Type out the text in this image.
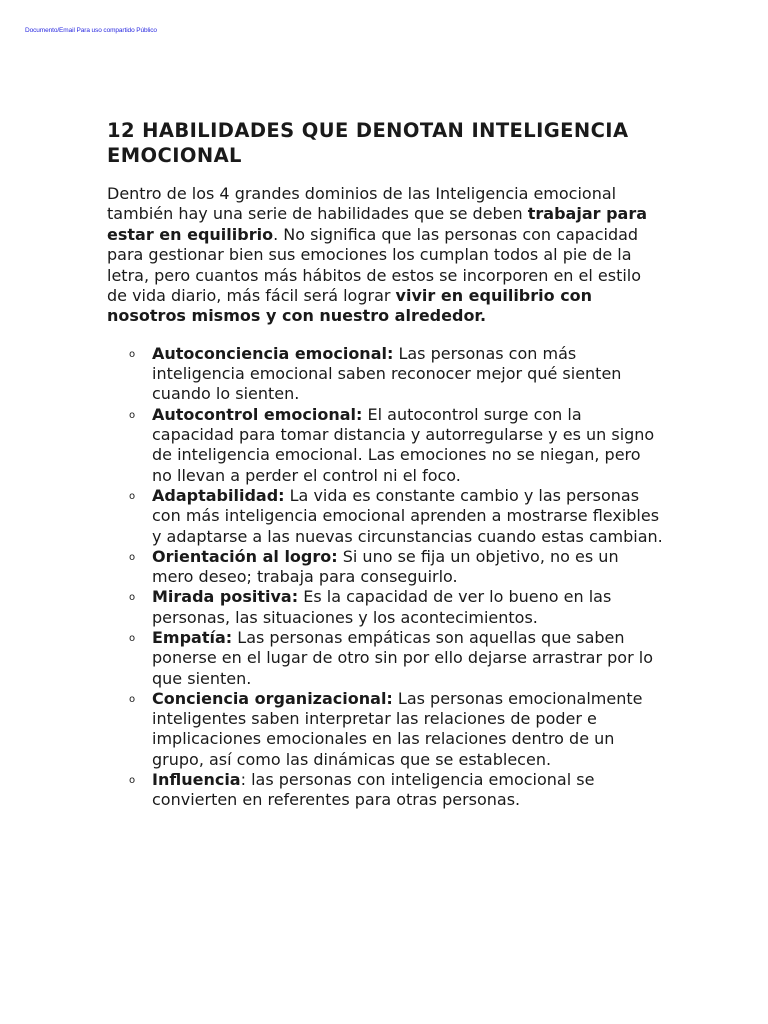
Documento/Email Para uso compartido Público
12 HABILIDADES QUE DENOTAN INTELIGENCIA EMOCIONAL

Dentro de los 4 grandes dominios de las Inteligencia emocional también hay una serie de habilidades que se deben trabajar para estar en equilibrio. No significa que las personas con capacidad para gestionar bien sus emociones los cumplan todos al pie de la letra, pero cuantos más hábitos de estos se incorporen en el estilo de vida diario, más fácil será lograr vivir en equilibrio con nosotros mismos y con nuestro alrededor.

o Autoconciencia emocional: Las personas con más inteligencia emocional saben reconocer mejor qué sienten cuando lo sienten.
o Autocontrol emocional: El autocontrol surge con la capacidad para tomar distancia y autorregularse y es un signo de inteligencia emocional. Las emociones no se niegan, pero no llevan a perder el control ni el foco.
o Adaptabilidad: La vida es constante cambio y las personas con más inteligencia emocional aprenden a mostrarse flexibles y adaptarse a las nuevas circunstancias cuando estas cambian.
o Orientación al logro: Si uno se fija un objetivo, no es un mero deseo; trabaja para conseguirlo.
o Mirada positiva: Es la capacidad de ver lo bueno en las personas, las situaciones y los acontecimientos.
o Empatía: Las personas empáticas son aquellas que saben ponerse en el lugar de otro sin por ello dejarse arrastrar por lo que sienten.
o Conciencia organizacional: Las personas emocionalmente inteligentes saben interpretar las relaciones de poder e implicaciones emocionales en las relaciones dentro de un grupo, así como las dinámicas que se establecen.
o Influencia: las personas con inteligencia emocional se convierten en referentes para otras personas.
